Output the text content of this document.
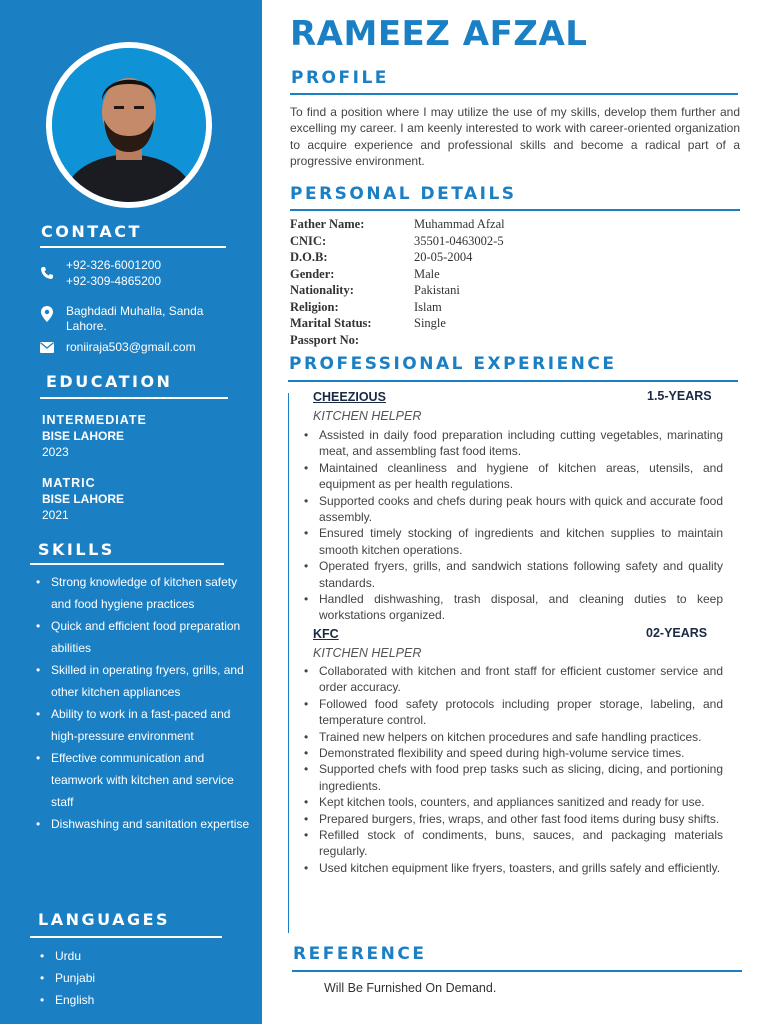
CONTACT
+92-326-6001200
+92-309-4865200
Baghdadi Muhalla, Sanda
Lahore.
roniiraja503@gmail.com
EDUCATION
INTERMEDIATE
BISE LAHORE
2023
MATRIC
BISE LAHORE
2021
SKILLS
• Strong knowledge of kitchen safety and food hygiene practices
• Quick and efficient food preparation abilities
• Skilled in operating fryers, grills, and other kitchen appliances
• Ability to work in a fast-paced and high-pressure environment
• Effective communication and teamwork with kitchen and service staff
• Dishwashing and sanitation expertise
LANGUAGES
• Urdu
• Punjabi
• English
RAMEEZ AFZAL
PROFILE
To find a position where I may utilize the use of my skills, develop them further and excelling my career. I am keenly interested to work with career-oriented organization to acquire experience and professional skills and become a radical part of a progressive environment.
PERSONAL DETAILS
Father Name:
CNIC:
D.O.B:
Gender:
Nationality:
Religion:
Marital Status:
Passport No:
Muhammad Afzal
35501-0463002-5
20-05-2004
Male
Pakistani
Islam
Single
PROFESSIONAL EXPERIENCE
CHEEZIOUS	1.5-YEARS
KITCHEN HELPER
• Assisted in daily food preparation including cutting vegetables, marinating meat, and assembling fast food items.
• Maintained cleanliness and hygiene of kitchen areas, utensils, and equipment as per health regulations.
• Supported cooks and chefs during peak hours with quick and accurate food assembly.
• Ensured timely stocking of ingredients and kitchen supplies to maintain smooth kitchen operations.
• Operated fryers, grills, and sandwich stations following safety and quality standards.
• Handled dishwashing, trash disposal, and cleaning duties to keep workstations organized.
KFC	02-YEARS
KITCHEN HELPER
• Collaborated with kitchen and front staff for efficient customer service and order accuracy.
• Followed food safety protocols including proper storage, labeling, and temperature control.
• Trained new helpers on kitchen procedures and safe handling practices.
• Demonstrated flexibility and speed during high-volume service times.
• Supported chefs with food prep tasks such as slicing, dicing, and portioning ingredients.
• Kept kitchen tools, counters, and appliances sanitized and ready for use.
• Prepared burgers, fries, wraps, and other fast food items during busy shifts.
• Refilled stock of condiments, buns, sauces, and packaging materials regularly.
• Used kitchen equipment like fryers, toasters, and grills safely and efficiently.
REFERENCE
Will Be Furnished On Demand.
